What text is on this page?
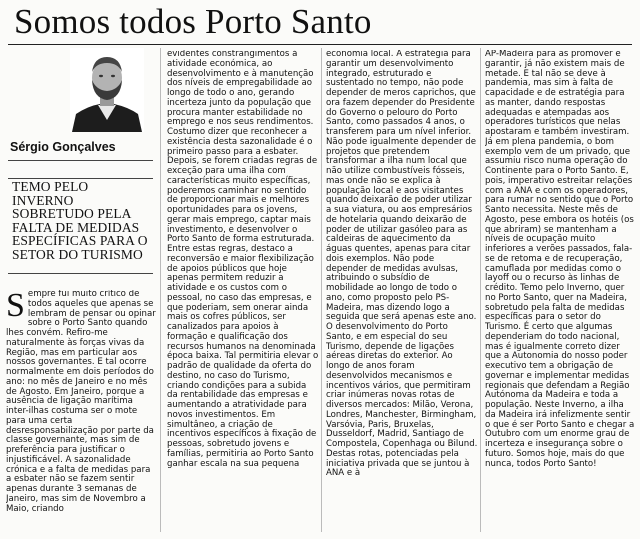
Somos todos Porto Santo
Sérgio Gonçalves
TEMO PELO INVERNO SOBRETUDO PELA FALTA DE MEDIDAS ESPECÍFICAS PARA O SETOR DO TURISMO
Sempre fui muito crítico de todos aqueles que apenas se lembram de pensar ou opinar sobre o Porto Santo quando lhes convém. Refiro-me naturalmente às forças vivas da Região, mas em particular aos nossos governantes. E tal ocorre normalmente em dois períodos do ano: no mês de Janeiro e no mês de Agosto. Em Janeiro, porque a ausência de ligação marítima inter-ilhas costuma ser o mote para uma certa desresponsabilização por parte da classe governante, mas sim de preferência para justificar o injustificável. A sazonalidade crónica e a falta de medidas para a esbater não se fazem sentir apenas durante 3 semanas de Janeiro, mas sim de Novembro a Maio, criando
evidentes constrangimentos à atividade económica, ao desenvolvimento e à manutenção dos níveis de empregabilidade ao longo de todo o ano, gerando incerteza junto da população que procura manter estabilidade no emprego e nos seus rendimentos. Costumo dizer que reconhecer a existência desta sazonalidade é o primeiro passo para a esbater. Depois, se forem criadas regras de exceção para uma ilha com características muito específicas, poderemos caminhar no sentido de proporcionar mais e melhores oportunidades para os jovens, gerar mais emprego, captar mais investimento, e desenvolver o Porto Santo de forma estruturada. Entre estas regras, destaco a reconversão e maior flexibilização de apoios públicos que hoje apenas permitem reduzir a atividade e os custos com o pessoal, no caso das empresas, e que poderiam, sem onerar ainda mais os cofres públicos, ser canalizados para apoios à formação e qualificação dos recursos humanos na denominada época baixa. Tal permitiria elevar o padrão de qualidade da oferta do destino, no caso do Turismo, criando condições para a subida da rentabilidade das empresas e aumentando a atratividade para novos investimentos. Em simultâneo, a criação de incentivos específicos à fixação de pessoas, sobretudo jovens e famílias, permitiria ao Porto Santo ganhar escala na sua pequena
economia local. A estratégia para garantir um desenvolvimento integrado, estruturado e sustentado no tempo, não pode depender de meros caprichos, que ora fazem depender do Presidente do Governo o pelouro do Porto Santo, como passados 4 anos, o transferem para um nível inferior. Não pode igualmente depender de projetos que pretendem transformar a ilha num local que não utilize combustíveis fósseis, mas onde não se explica à população local e aos visitantes quando deixarão de poder utilizar a sua viatura, ou aos empresários de hotelaria quando deixarão de poder de utilizar gasóleo para as caldeiras de aquecimento da águas quentes, apenas para citar dois exemplos. Não pode depender de medidas avulsas, atribuindo o subsídio de mobilidade ao longo de todo o ano, como proposto pelo PS-Madeira, mas dizendo logo a seguida que será apenas este ano. O desenvolvimento do Porto Santo, e em especial do seu Turismo, depende de ligações aéreas diretas do exterior. Ao longo de anos foram desenvolvidos mecanismos e incentivos vários, que permitiram criar inúmeras novas rotas de diversos mercados: Milão, Verona, Londres, Manchester, Birmingham, Varsóvia, Paris, Bruxelas, Dusseldorf, Madrid, Santiago de Compostela, Copenhaga ou Bilund. Destas rotas, potenciadas pela iniciativa privada que se juntou à ANA e à
AP-Madeira para as promover e garantir, já não existem mais de metade. E tal não se deve à pandemia, mas sim à falta de capacidade e de estratégia para as manter, dando respostas adequadas e atempadas aos operadores turísticos que nelas apostaram e também investiram. Já em plena pandemia, o bom exemplo vem de um privado, que assumiu risco numa operação do Continente para o Porto Santo. E, pois, imperativo estreitar relações com a ANA e com os operadores, para rumar no sentido que o Porto Santo necessita. Neste mês de Agosto, pese embora os hotéis (os que abriram) se mantenham a níveis de ocupação muito inferiores a verões passados, fala-se de retoma e de recuperação, camuflada por medidas como o layoff ou o recurso às linhas de crédito. Temo pelo Inverno, quer no Porto Santo, quer na Madeira, sobretudo pela falta de medidas específicas para o setor do Turismo. É certo que algumas dependeriam do todo nacional, mas é igualmente correto dizer que a Autonomia do nosso poder executivo tem a obrigação de governar e implementar medidas regionais que defendam a Região Autónoma da Madeira e toda a população. Neste Inverno, a ilha da Madeira irá infelizmente sentir o que é ser Porto Santo e chegar a Outubro com um enorme grau de incerteza e insegurança sobre o futuro. Somos hoje, mais do que nunca, todos Porto Santo!
